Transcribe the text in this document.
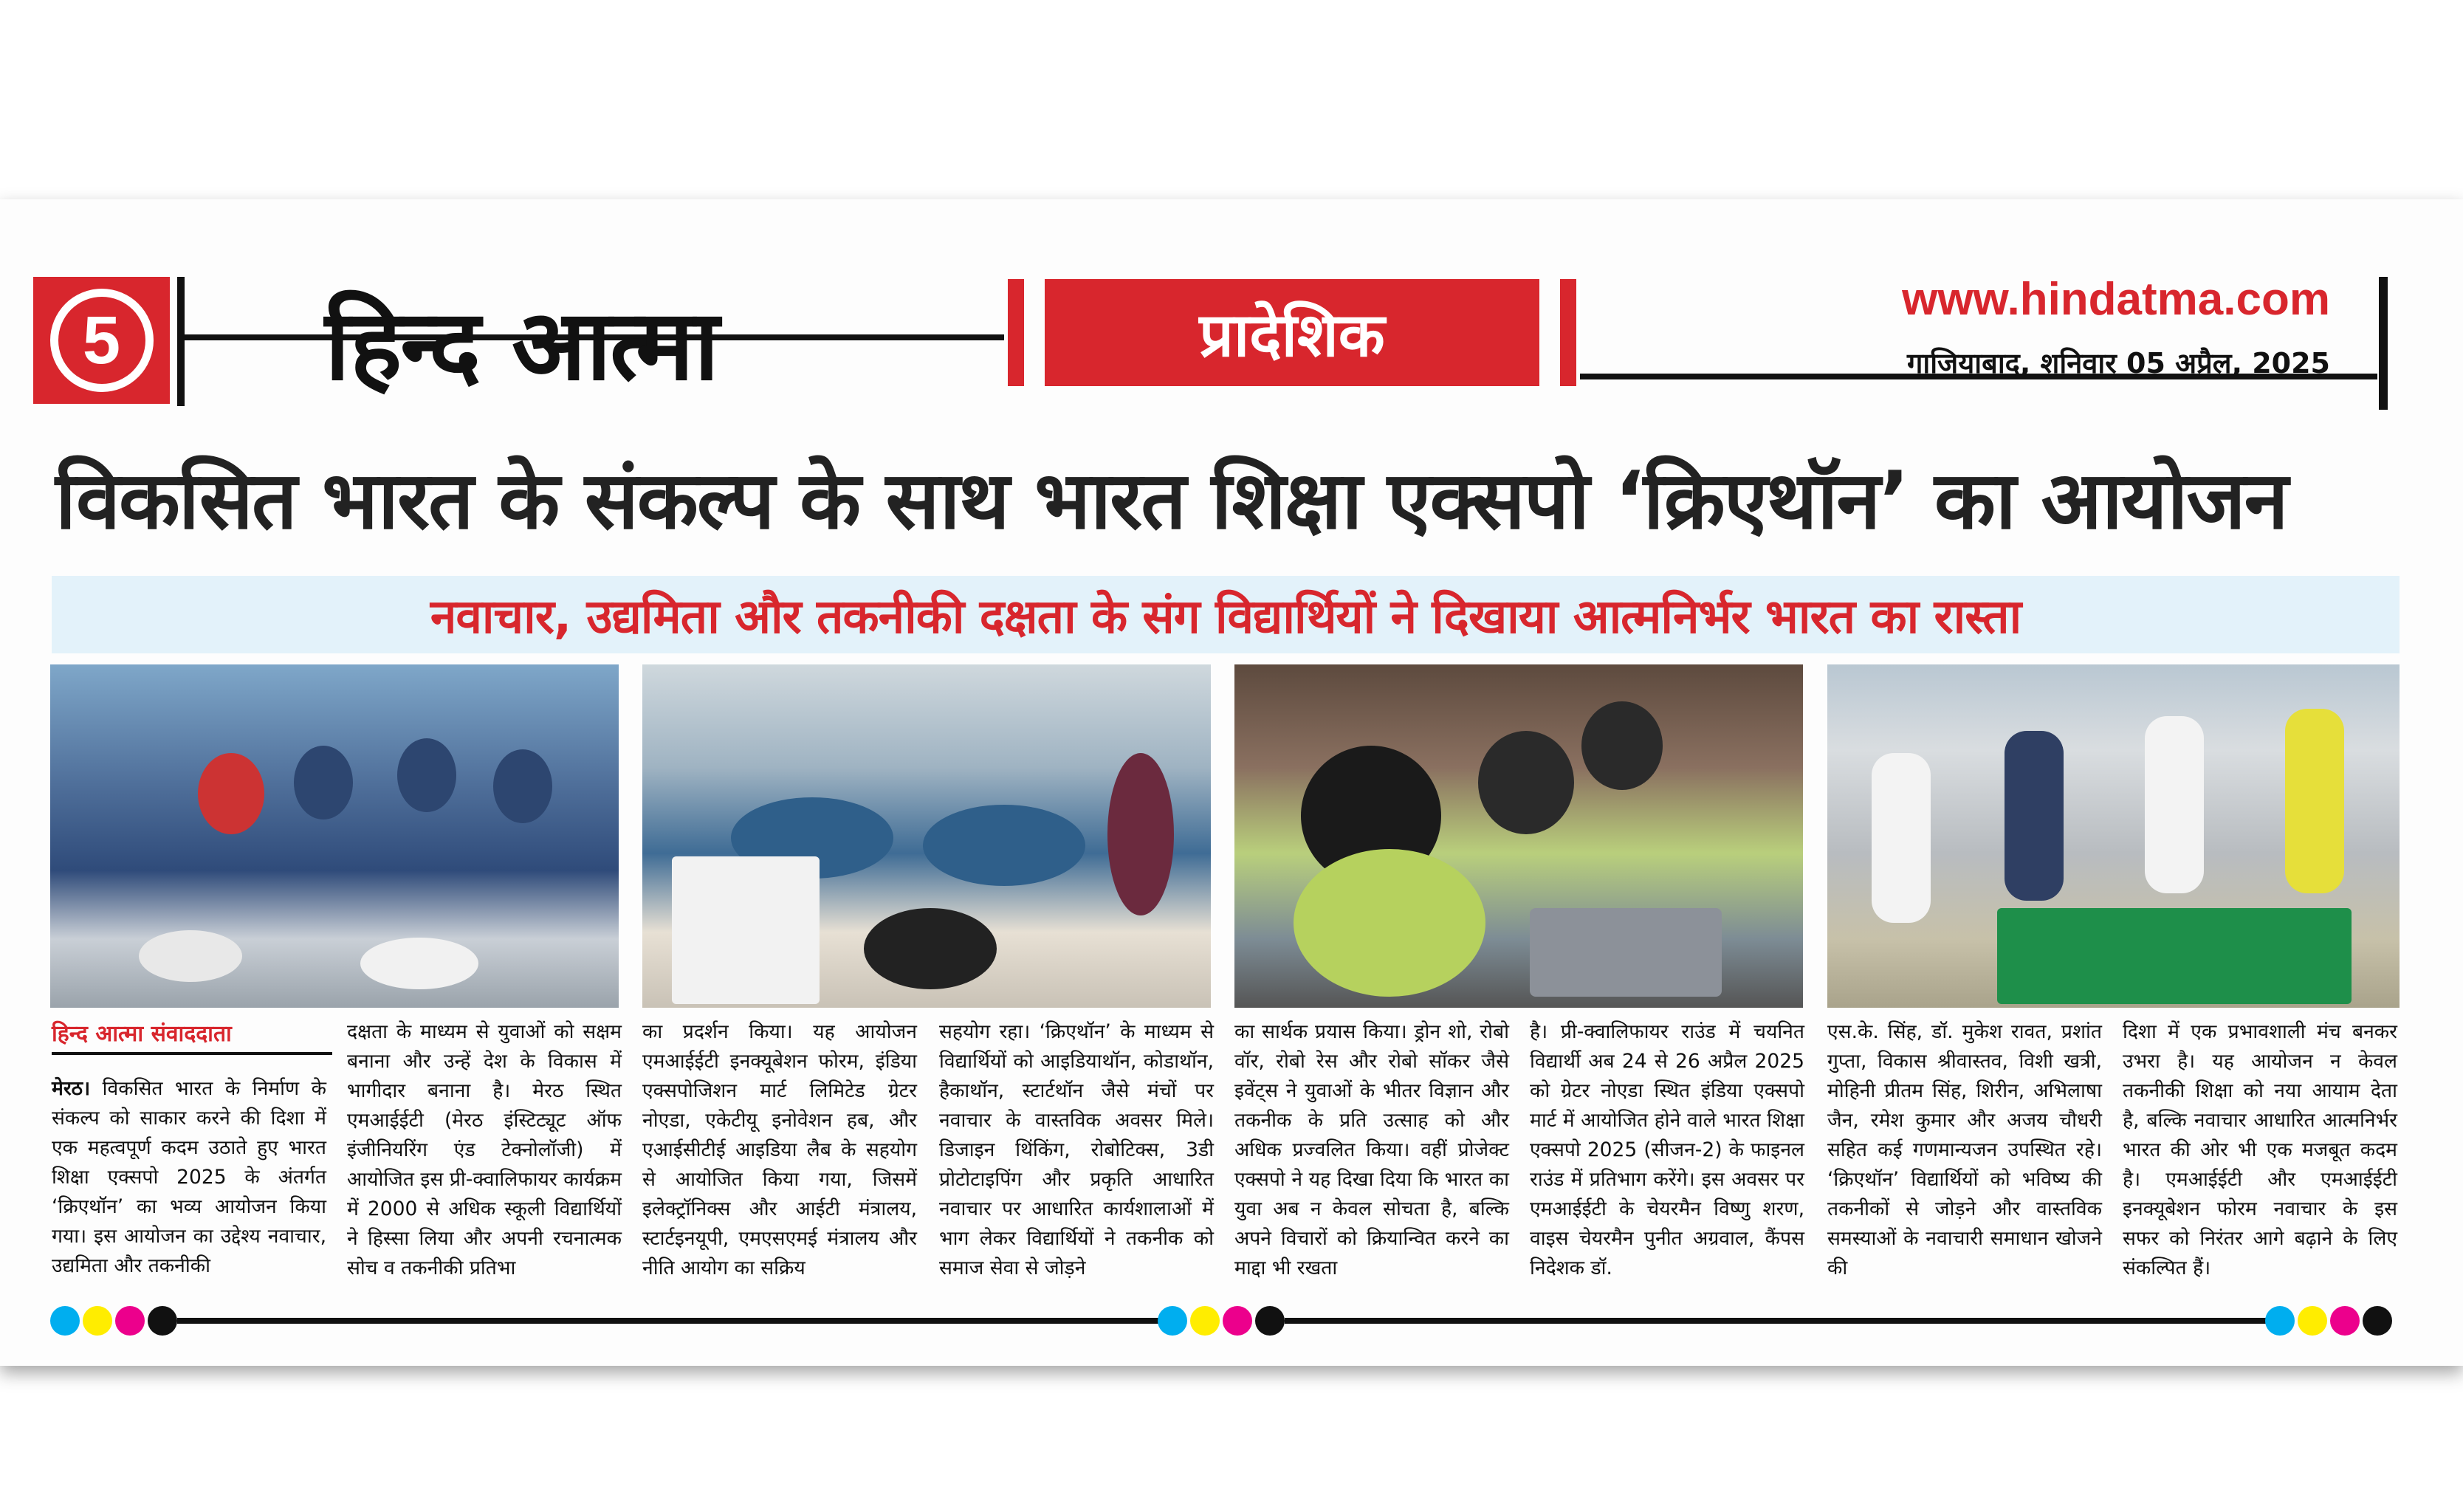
5 हिन्द आत्मा	प्रादेशिक
www.hindatma.com
गाजियाबाद, शनिवार 05 अप्रैल, 2025
विकसित भारत के संकल्प के साथ भारत शिक्षा एक्सपो ‘क्रिएथॉन’ का आयोजन
नवाचार, उद्यमिता और तकनीकी दक्षता के संग विद्यार्थियों ने दिखाया आत्मनिर्भर भारत का रास्ता
हिन्द आत्मा संवाददाता
मेरठ। विकसित भारत के निर्माण के संकल्प को साकार करने की दिशा में एक महत्वपूर्ण कदम उठाते हुए भारत शिक्षा एक्सपो 2025 के अंतर्गत ‘क्रिएथॉन’ का भव्य आयोजन किया गया। इस आयोजन का उद्देश्य नवाचार, उद्यमिता और तकनीकी
दक्षता के माध्यम से युवाओं को सक्षम बनाना और उन्हें देश के विकास में भागीदार बनाना है। मेरठ स्थित एमआईईटी (मेरठ इंस्टिट्यूट ऑफ इंजीनियरिंग एंड टेक्नोलॉजी) में आयोजित इस प्री-क्वालिफायर कार्यक्रम में 2000 से अधिक स्कूली विद्यार्थियों ने हिस्सा लिया और अपनी रचनात्मक सोच व तकनीकी प्रतिभा
का प्रदर्शन किया। यह आयोजन एमआईईटी इनक्यूबेशन फोरम, इंडिया एक्सपोजिशन मार्ट लिमिटेड ग्रेटर नोएडा, एकेटीयू इनोवेशन हब, और एआईसीटीई आइडिया लैब के सहयोग से आयोजित किया गया, जिसमें इलेक्ट्रॉनिक्स और आईटी मंत्रालय, स्टार्टइनयूपी, एमएसएमई मंत्रालय और नीति आयोग का सक्रिय
सहयोग रहा। ‘क्रिएथॉन’ के माध्यम से विद्यार्थियों को आइडियाथॉन, कोडाथॉन, हैकाथॉन, स्टार्टथॉन जैसे मंचों पर नवाचार के वास्तविक अवसर मिले। डिजाइन थिंकिंग, रोबोटिक्स, 3डी प्रोटोटाइपिंग और प्रकृति आधारित नवाचार पर आधारित कार्यशालाओं में भाग लेकर विद्यार्थियों ने तकनीक को समाज सेवा से जोड़ने
का सार्थक प्रयास किया। ड्रोन शो, रोबो वॉर, रोबो रेस और रोबो सॉकर जैसे इवेंट्स ने युवाओं के भीतर विज्ञान और तकनीक के प्रति उत्साह को और अधिक प्रज्वलित किया। वहीं प्रोजेक्ट एक्सपो ने यह दिखा दिया कि भारत का युवा अब न केवल सोचता है, बल्कि अपने विचारों को क्रियान्वित करने का माद्दा भी रखता
है। प्री-क्वालिफायर राउंड में चयनित विद्यार्थी अब 24 से 26 अप्रैल 2025 को ग्रेटर नोएडा स्थित इंडिया एक्सपो मार्ट में आयोजित होने वाले भारत शिक्षा एक्सपो 2025 (सीजन-2) के फाइनल राउंड में प्रतिभाग करेंगे। इस अवसर पर एमआईईटी के चेयरमैन विष्णु शरण, वाइस चेयरमैन पुनीत अग्रवाल, कैंपस निदेशक डॉ.
एस.के. सिंह, डॉ. मुकेश रावत, प्रशांत गुप्ता, विकास श्रीवास्तव, विशी खत्री, मोहिनी प्रीतम सिंह, शिरीन, अभिलाषा जैन, रमेश कुमार और अजय चौधरी सहित कई गणमान्यजन उपस्थित रहे। ‘क्रिएथॉन’ विद्यार्थियों को भविष्य की तकनीकों से जोड़ने और वास्तविक समस्याओं के नवाचारी समाधान खोजने की
दिशा में एक प्रभावशाली मंच बनकर उभरा है। यह आयोजन न केवल तकनीकी शिक्षा को नया आयाम देता है, बल्कि नवाचार आधारित आत्मनिर्भर भारत की ओर भी एक मजबूत कदम है। एमआईईटी और एमआईईटी इनक्यूबेशन फोरम नवाचार के इस सफर को निरंतर आगे बढ़ाने के लिए संकल्पित हैं।
